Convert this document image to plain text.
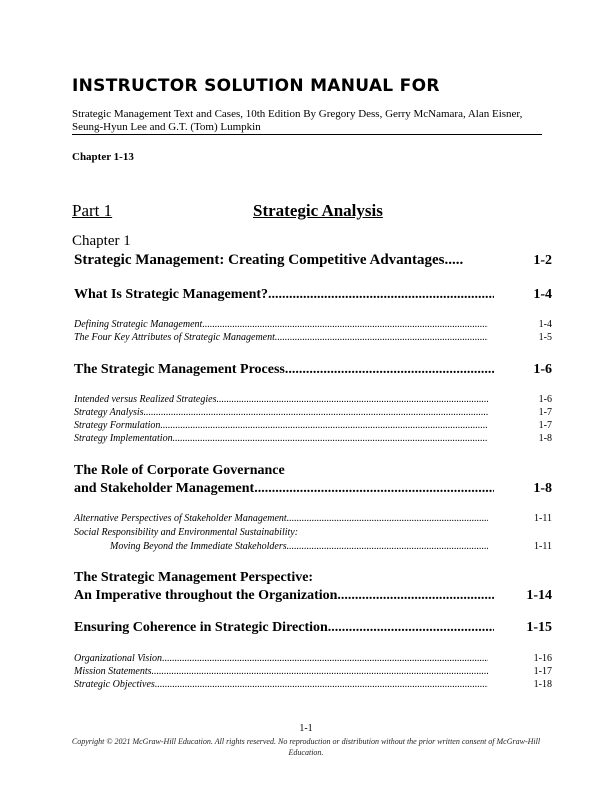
INSTRUCTOR SOLUTION MANUAL FOR

Strategic Management Text and Cases, 10th Edition By Gregory Dess, Gerry McNamara, Alan Eisner, Seung-Hyun Lee and G.T. (Tom) Lumpkin

Chapter 1-13

Part 1	Strategic Analysis

Chapter 1

Strategic Management: Creating Competitive Advantages .....	1-2
What Is Strategic Management? .....	1-4
Defining Strategic Management .....	1-4
The Four Key Attributes of Strategic Management .....	1-5
The Strategic Management Process .....	1-6
Intended versus Realized Strategies .....	1-6
Strategy Analysis .....	1-7
Strategy Formulation .....	1-7
Strategy Implementation .....	1-8
The Role of Corporate Governance
and Stakeholder Management .....	1-8
Alternative Perspectives of Stakeholder Management .....	1-11
Social Responsibility and Environmental Sustainability:
Moving Beyond the Immediate Stakeholders .....	1-11
The Strategic Management Perspective:
An Imperative throughout the Organization .....	1-14
Ensuring Coherence in Strategic Direction .....	1-15
Organizational Vision .....	1-16
Mission Statements .....	1-17
Strategic Objectives .....	1-18

1-1

Copyright © 2021 McGraw-Hill Education. All rights reserved. No reproduction or distribution without the prior written consent of McGraw-Hill Education.
